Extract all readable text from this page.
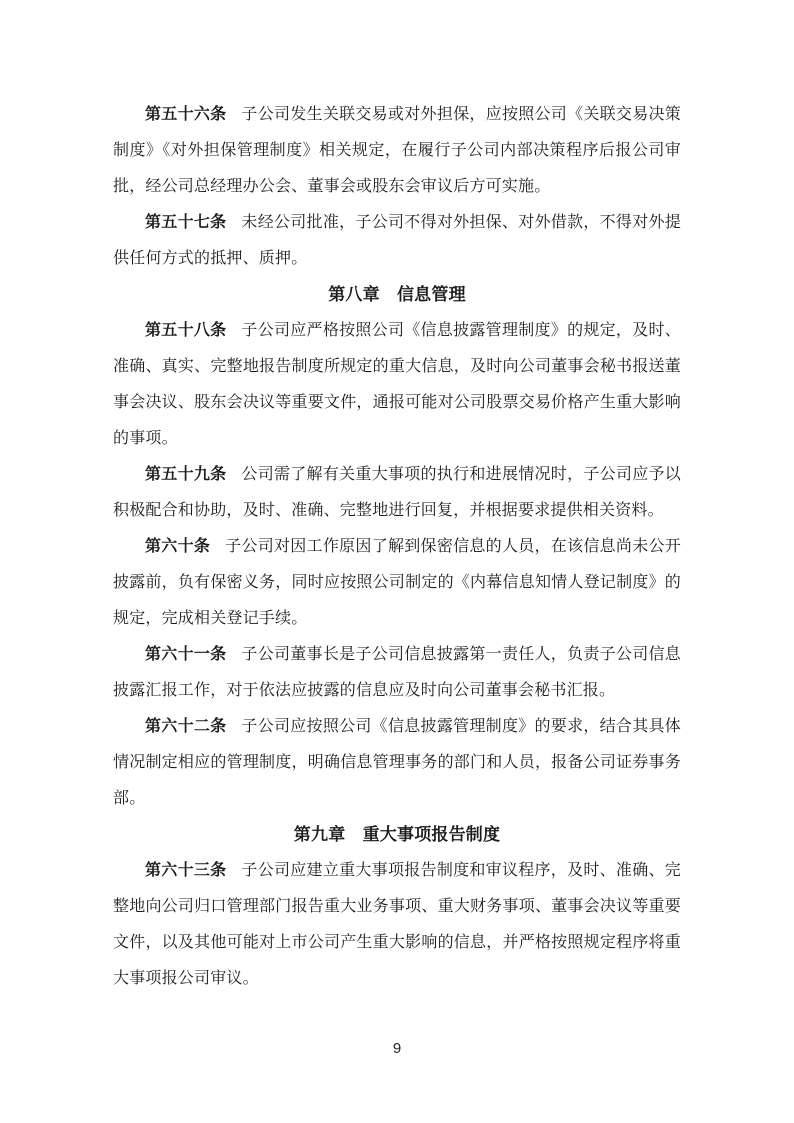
第五十六条 子公司发生关联交易或对外担保，应按照公司《关联交易决策制度》《对外担保管理制度》相关规定，在履行子公司内部决策程序后报公司审批，经公司总经理办公会、董事会或股东会审议后方可实施。

第五十七条 未经公司批准，子公司不得对外担保、对外借款，不得对外提供任何方式的抵押、质押。

第八章　信息管理

第五十八条 子公司应严格按照公司《信息披露管理制度》的规定，及时、准确、真实、完整地报告制度所规定的重大信息，及时向公司董事会秘书报送董事会决议、股东会决议等重要文件，通报可能对公司股票交易价格产生重大影响的事项。

第五十九条 公司需了解有关重大事项的执行和进展情况时，子公司应予以积极配合和协助，及时、准确、完整地进行回复，并根据要求提供相关资料。

第六十条 子公司对因工作原因了解到保密信息的人员，在该信息尚未公开披露前，负有保密义务，同时应按照公司制定的《内幕信息知情人登记制度》的规定，完成相关登记手续。

第六十一条 子公司董事长是子公司信息披露第一责任人，负责子公司信息披露汇报工作，对于依法应披露的信息应及时向公司董事会秘书汇报。

第六十二条 子公司应按照公司《信息披露管理制度》的要求，结合其具体情况制定相应的管理制度，明确信息管理事务的部门和人员，报备公司证券事务部。

第九章　重大事项报告制度

第六十三条 子公司应建立重大事项报告制度和审议程序，及时、准确、完整地向公司归口管理部门报告重大业务事项、重大财务事项、董事会决议等重要文件，以及其他可能对上市公司产生重大影响的信息，并严格按照规定程序将重大事项报公司审议。

9
